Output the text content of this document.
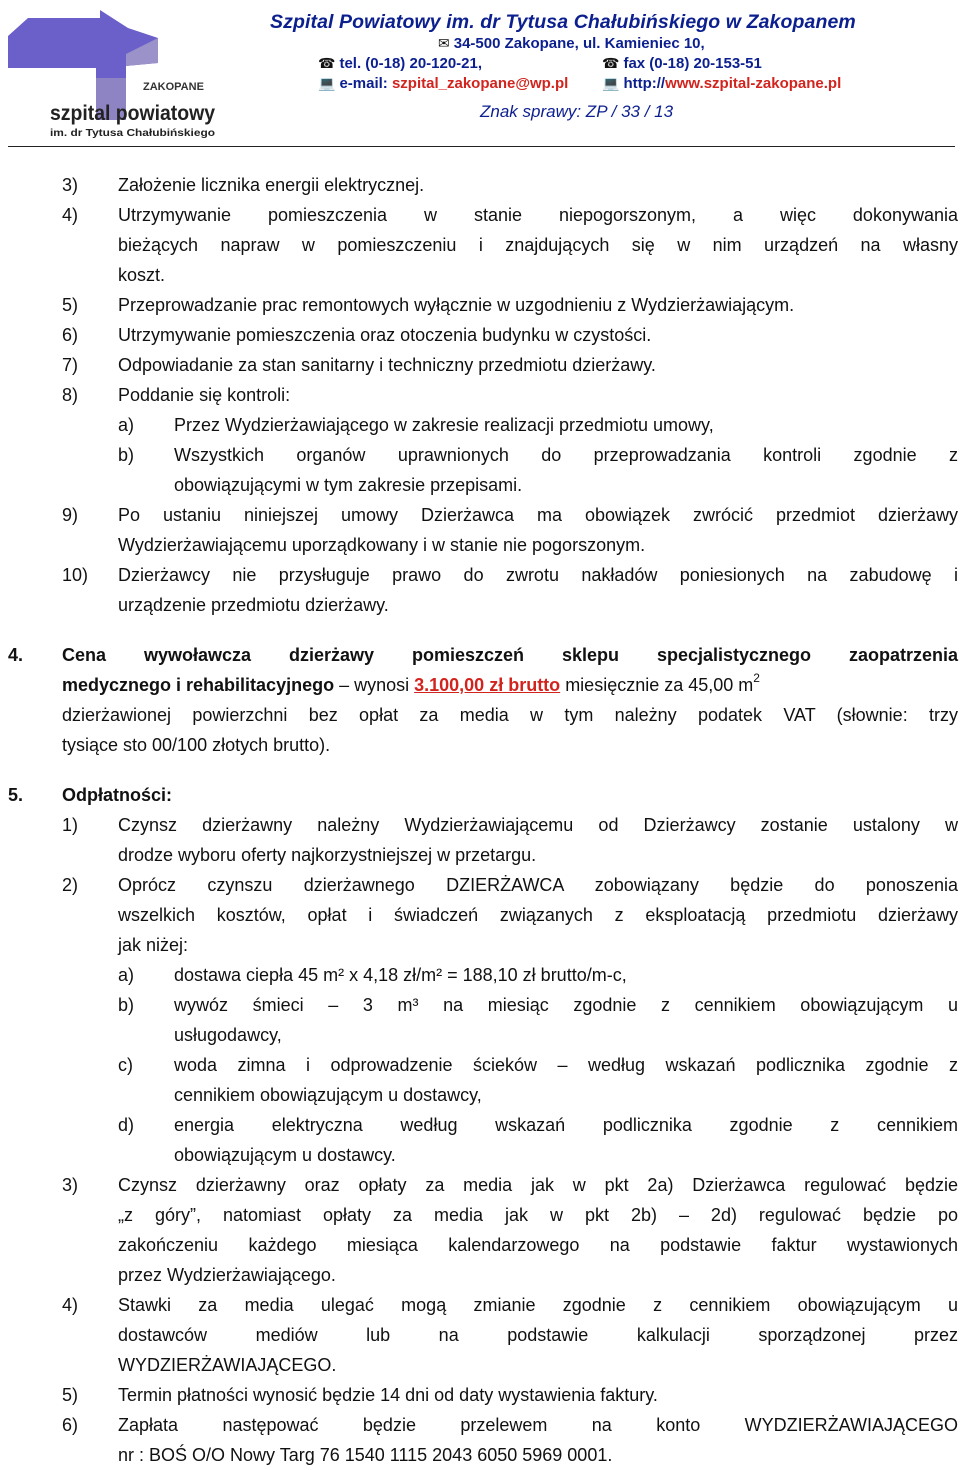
ZAKOPANE
szpital powiatowy
im. dr Tytusa Chałubińskiego
Szpital Powiatowy im. dr Tytusa Chałubińskiego w Zakopanem
✉ 34-500 Zakopane, ul. Kamieniec 10,
☎ tel. (0-18) 20-120-21,	☎ fax (0-18) 20-153-51
💻 e-mail: szpital_zakopane@wp.pl 💻 http://www.szpital-zakopane.pl
Znak sprawy: ZP / 33 / 13
3) Założenie licznika energii elektrycznej.
4) Utrzymywanie pomieszczenia w stanie niepogorszonym, a więc dokonywania
bieżących napraw w pomieszczeniu i znajdujących się w nim urządzeń na własny
koszt.
5) Przeprowadzanie prac remontowych wyłącznie w uzgodnieniu z Wydzierżawiającym.
6) Utrzymywanie pomieszczenia oraz otoczenia budynku w czystości.
7) Odpowiadanie za stan sanitarny i techniczny przedmiotu dzierżawy.
8) Poddanie się kontroli:
a) Przez Wydzierżawiającego w zakresie realizacji przedmiotu umowy,
b) Wszystkich organów uprawnionych do przeprowadzania kontroli zgodnie z
obowiązującymi w tym zakresie przepisami.
9) Po ustaniu niniejszej umowy Dzierżawca ma obowiązek zwrócić przedmiot dzierżawy
Wydzierżawiającemu uporządkowany i w stanie nie pogorszonym.
10) Dzierżawcy nie przysługuje prawo do zwrotu nakładów poniesionych na zabudowę i
urządzenie przedmiotu dzierżawy.
4. Cena wywoławcza dzierżawy pomieszczeń sklepu specjalistycznego zaopatrzenia
medycznego i rehabilitacyjnego – wynosi 3.100,00 zł brutto miesięcznie za 45,00 $m^2$
dzierżawionej powierzchni bez opłat za media w tym należny podatek VAT (słownie: trzy
tysiące sto 00/100 złotych brutto).
5. Odpłatności:
1) Czynsz dzierżawny należny Wydzierżawiającemu od Dzierżawcy zostanie ustalony w
drodze wyboru oferty najkorzystniejszej w przetargu.
2) Oprócz czynszu dzierżawnego DZIERŻAWCA zobowiązany będzie do ponoszenia
wszelkich kosztów, opłat i świadczeń związanych z eksploatacją przedmiotu dzierżawy
jak niżej:
a) dostawa ciepła 45 m² x 4,18 zł/m² = 188,10 zł brutto/m-c,
b) wywóz śmieci – 3 m³ na miesiąc zgodnie z cennikiem obowiązującym u
usługodawcy,
c) woda zimna i odprowadzenie ścieków – według wskazań podlicznika zgodnie z
cennikiem obowiązującym u dostawcy,
d) energia elektryczna według wskazań podlicznika zgodnie z cennikiem
obowiązującym u dostawcy.
3) Czynsz dzierżawny oraz opłaty za media jak w pkt 2a) Dzierżawca regulować będzie
„z góry”, natomiast opłaty za media jak w pkt 2b) – 2d) regulować będzie po
zakończeniu każdego miesiąca kalendarzowego na podstawie faktur wystawionych
przez Wydzierżawiającego.
4) Stawki za media ulegać mogą zmianie zgodnie z cennikiem obowiązującym u
dostawców mediów lub na podstawie kalkulacji sporządzonej przez
WYDZIERŻAWIAJĄCEGO.
5) Termin płatności wynosić będzie 14 dni od daty wystawienia faktury.
6) Zapłata następować będzie przelewem na konto WYDZIERŻAWIAJĄCEGO
nr : BOŚ O/O Nowy Targ 76 1540 1115 2043 6050 5969 0001.
